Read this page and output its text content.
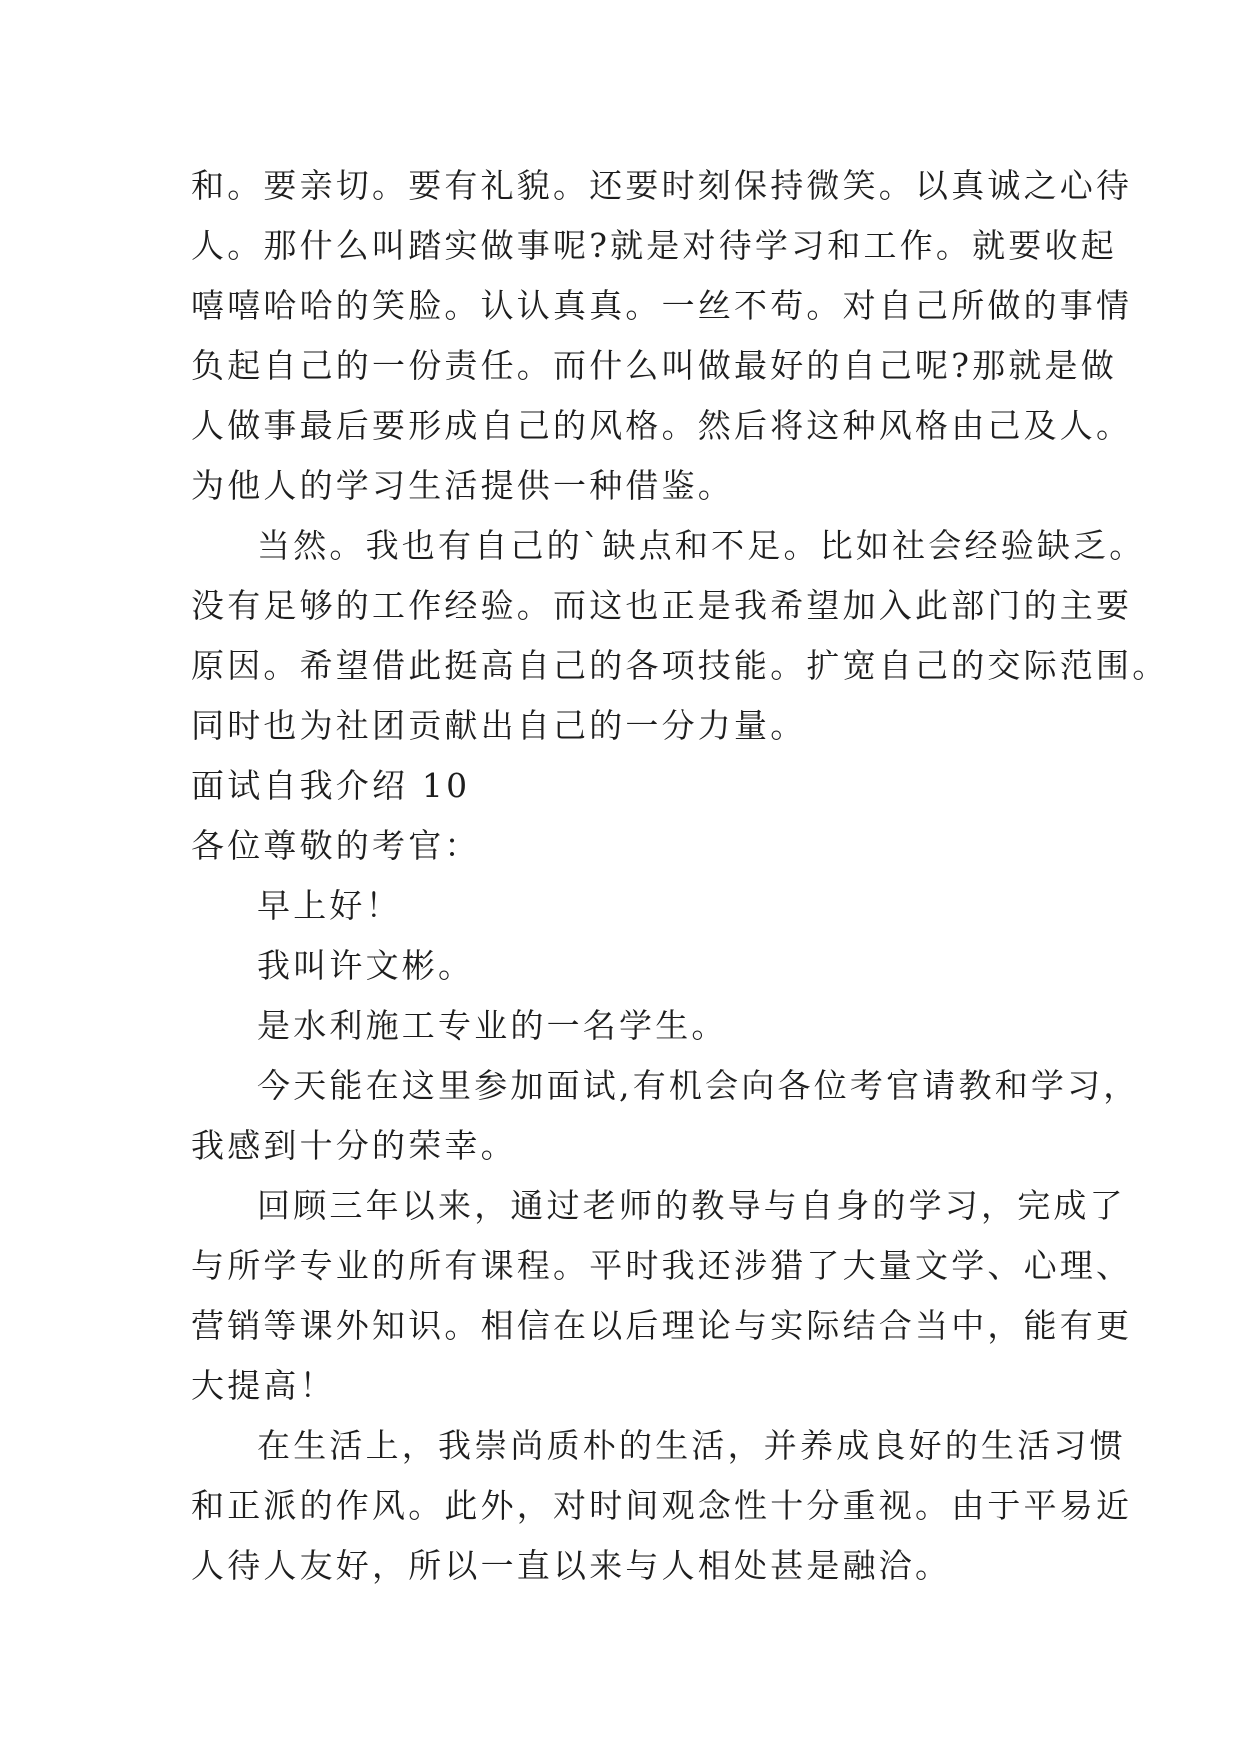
和。要亲切。要有礼貌。还要时刻保持微笑。以真诚之心待
人。那什么叫踏实做事呢?就是对待学习和工作。就要收起
嘻嘻哈哈的笑脸。认认真真。一丝不苟。对自己所做的事情
负起自己的一份责任。而什么叫做最好的自己呢?那就是做
人做事最后要形成自己的风格。然后将这种风格由己及人。
为他人的学习生活提供一种借鉴。
当然。我也有自己的`缺点和不足。比如社会经验缺乏。
没有足够的工作经验。而这也正是我希望加入此部门的主要
原因。希望借此挺高自己的各项技能。扩宽自己的交际范围。
同时也为社团贡献出自己的一分力量。
面试自我介绍 10
各位尊敬的考官：
早上好！
我叫许文彬。
是水利施工专业的一名学生。
今天能在这里参加面试,有机会向各位考官请教和学习，
我感到十分的荣幸。
回顾三年以来，通过老师的教导与自身的学习，完成了
与所学专业的所有课程。平时我还涉猎了大量文学、心理、
营销等课外知识。相信在以后理论与实际结合当中，能有更
大提高！
在生活上，我崇尚质朴的生活，并养成良好的生活习惯
和正派的作风。此外，对时间观念性十分重视。由于平易近
人待人友好，所以一直以来与人相处甚是融洽。
